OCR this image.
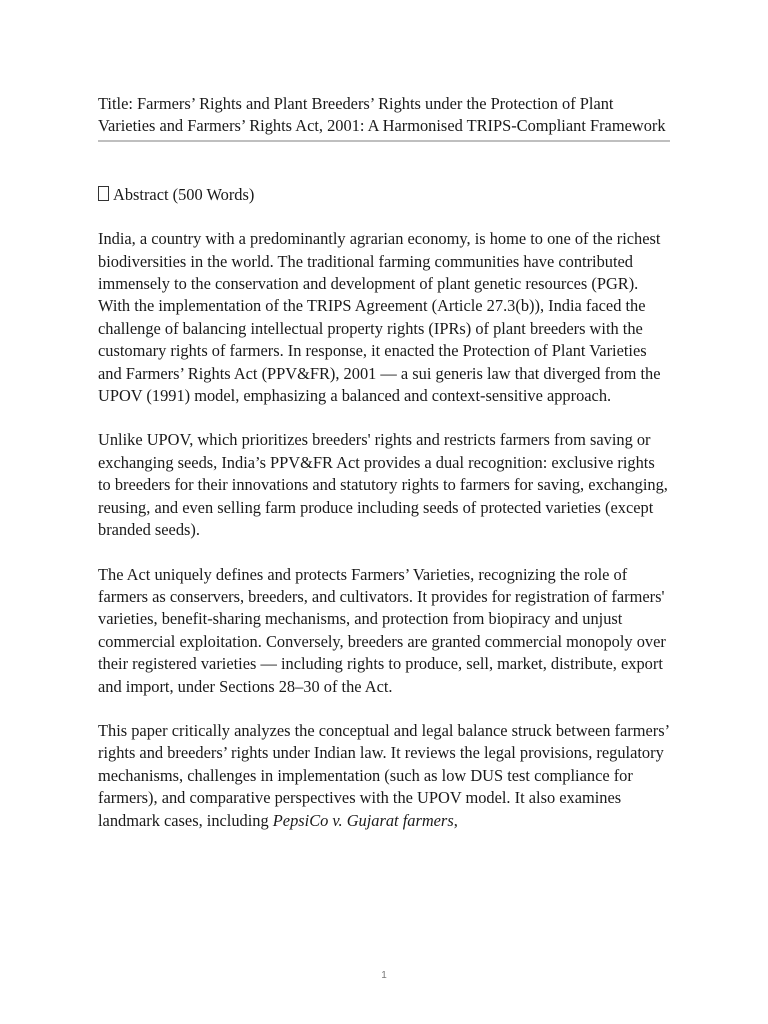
Title: Farmers’ Rights and Plant Breeders’ Rights under the Protection of Plant Varieties and Farmers’ Rights Act, 2001: A Harmonised TRIPS-Compliant Framework
Abstract (500 Words)

India, a country with a predominantly agrarian economy, is home to one of the richest biodiversities in the world. The traditional farming communities have contributed immensely to the conservation and development of plant genetic resources (PGR). With the implementation of the TRIPS Agreement (Article 27.3(b)), India faced the challenge of balancing intellectual property rights (IPRs) of plant breeders with the customary rights of farmers. In response, it enacted the Protection of Plant Varieties and Farmers’ Rights Act (PPV&FR), 2001 — a sui generis law that diverged from the UPOV (1991) model, emphasizing a balanced and context-sensitive approach.

Unlike UPOV, which prioritizes breeders' rights and restricts farmers from saving or exchanging seeds, India’s PPV&FR Act provides a dual recognition: exclusive rights to breeders for their innovations and statutory rights to farmers for saving, exchanging, reusing, and even selling farm produce including seeds of protected varieties (except branded seeds).

The Act uniquely defines and protects Farmers’ Varieties, recognizing the role of farmers as conservers, breeders, and cultivators. It provides for registration of farmers' varieties, benefit-sharing mechanisms, and protection from biopiracy and unjust commercial exploitation. Conversely, breeders are granted commercial monopoly over their registered varieties — including rights to produce, sell, market, distribute, export and import, under Sections 28–30 of the Act.

This paper critically analyzes the conceptual and legal balance struck between farmers’ rights and breeders’ rights under Indian law. It reviews the legal provisions, regulatory mechanisms, challenges in implementation (such as low DUS test compliance for farmers), and comparative perspectives with the UPOV model. It also examines landmark cases, including PepsiCo v. Gujarat farmers,

1
